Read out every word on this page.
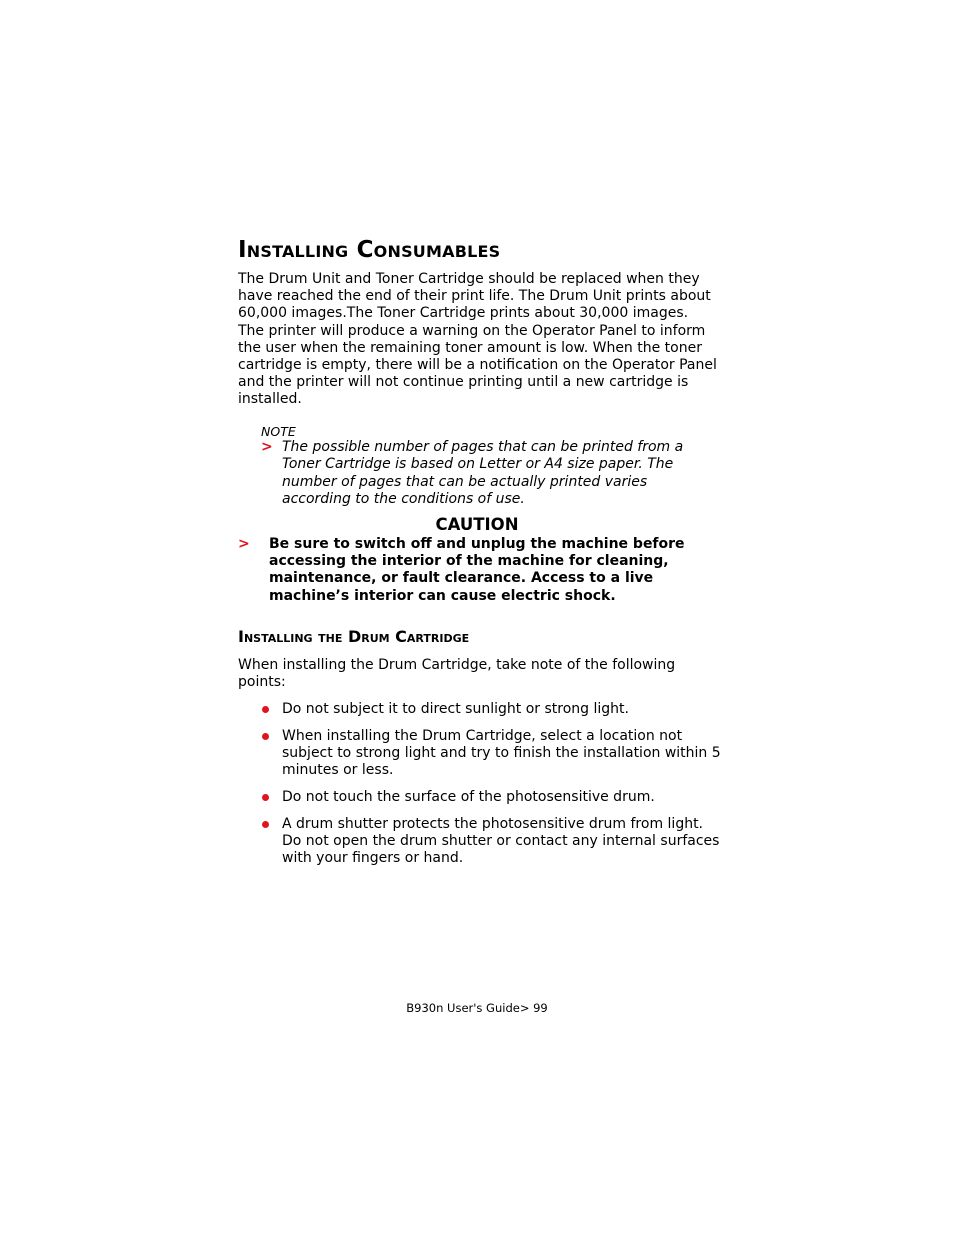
Installing Consumables

The Drum Unit and Toner Cartridge should be replaced when they have reached the end of their print life. The Drum Unit prints about 60,000 images.The Toner Cartridge prints about 30,000 images. The printer will produce a warning on the Operator Panel to inform the user when the remaining toner amount is low. When the toner cartridge is empty, there will be a notification on the Operator Panel and the printer will not continue printing until a new cartridge is installed.

NOTE
> The possible number of pages that can be printed from a Toner Cartridge is based on Letter or A4 size paper. The number of pages that can be actually printed varies according to the conditions of use.

CAUTION
> Be sure to switch off and unplug the machine before accessing the interior of the machine for cleaning, maintenance, or fault clearance. Access to a live machine’s interior can cause electric shock.

Installing the Drum Cartridge

When installing the Drum Cartridge, take note of the following points:

Do not subject it to direct sunlight or strong light.
When installing the Drum Cartridge, select a location not subject to strong light and try to finish the installation within 5 minutes or less.
Do not touch the surface of the photosensitive drum.
A drum shutter protects the photosensitive drum from light. Do not open the drum shutter or contact any internal surfaces with your fingers or hand.
B930n User's Guide> 99
